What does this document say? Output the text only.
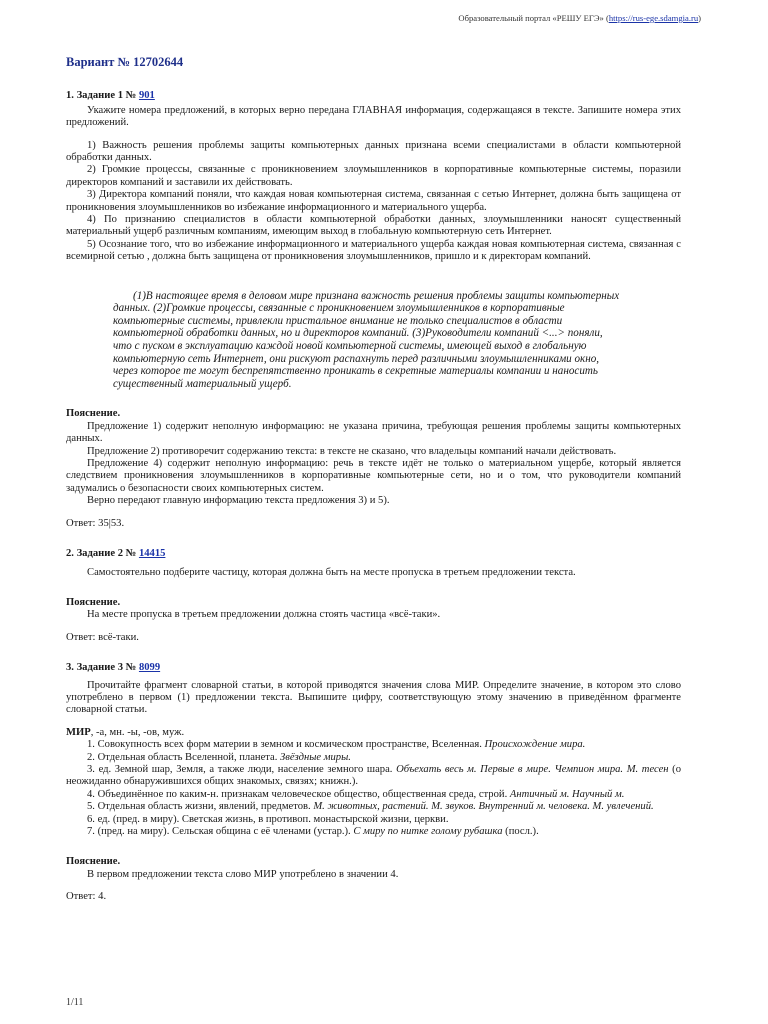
Образовательный портал «РЕШУ ЕГЭ» (https://rus-ege.sdamgia.ru)
Вариант № 12702644
1. Задание 1 № 901

Укажите номера предложений, в которых верно передана ГЛАВНАЯ информация, содержащаяся в тексте. Запишите номера этих предложений.

1) Важность решения проблемы защиты компьютерных данных признана всеми специалистами в области компьютерной обработки данных.

2) Громкие процессы, связанные с проникновением злоумышленников в корпоративные компьютерные системы, поразили директоров компаний и заставили их действовать.

3) Директора компаний поняли, что каждая новая компьютерная система, связанная с сетью Интернет, должна быть защищена от проникновения злоумышленников во избежание информационного и материального ущерба.

4) По признанию специалистов в области компьютерной обработки данных, злоумышленники наносят существенный материальный ущерб различным компаниям, имеющим выход в глобальную компьютерную сеть Интернет.

5) Осознание того, что во избежание информационного и материального ущерба каждая новая компьютерная система, связанная с всемирной сетью , должна быть защищена от проникновения злоумышленников, пришло и к директорам компаний.

(1)В настоящее время в деловом мире признана важность решения проблемы защиты компьютерных данных. (2)Громкие процессы, связанные с проникновением злоумышленников в корпоративные компьютерные системы, привлекли пристальное внимание не только специалистов в области компьютерной обработки данных, но и директоров компаний. (3)Руководители компаний <...> поняли, что с пуском в эксплуатацию каждой новой компьютерной системы, имеющей выход в глобальную компьютерную сеть Интернет, они рискуют распахнуть перед различными злоумышленниками окно, через которое те могут беспрепятственно проникать в секретные материалы компании и наносить существенный материальный ущерб.

Пояснение.

Предложение 1) содержит неполную информацию: не указана причина, требующая решения проблемы защиты компьютерных данных.

Предложение 2) противоречит содержанию текста: в тексте не сказано, что владельцы компаний начали действовать.

Предложение 4) содержит неполную информацию: речь в тексте идёт не только о материальном ущербе, который является следствием проникновения злоумышленников в корпоративные компьютерные сети, но и о том, что руководители компаний задумались о безопасности своих компьютерных систем.

Верно передают главную информацию текста предложения 3) и 5).

Ответ: 35|53.

2. Задание 2 № 14415

Самостоятельно подберите частицу, которая должна быть на месте пропуска в третьем предложении текста.

Пояснение.

На месте пропуска в третьем предложении должна стоять частица «всё-таки».

Ответ: всё-таки.

3. Задание 3 № 8099

Прочитайте фрагмент словарной статьи, в которой приводятся значения слова МИР. Определите значение, в котором это слово употреблено в первом (1) предложении текста. Выпишите цифру, соответствующую этому значению в приведённом фрагменте словарной статьи.

МИР, -а, мн. -ы, -ов, муж.

1. Совокупность всех форм материи в земном и космическом пространстве, Вселенная. Происхождение мира.

2. Отдельная область Вселенной, планета. Звёздные миры.

3. ед. Земной шар, Земля, а также люди, население земного шара. Объехать весь м. Первые в мире. Чемпион мира. М. тесен (о неожиданно обнаружившихся общих знакомых, связях; книжн.).

4. Объединённое по каким-н. признакам человеческое общество, общественная среда, строй. Античный м. Научный м.

5. Отдельная область жизни, явлений, предметов. М. животных, растений. М. звуков. Внутренний м. человека. М. увлечений.

6. ед. (пред. в миру). Светская жизнь, в противоп. монастырской жизни, церкви.

7. (пред. на миру). Сельская община с её членами (устар.). С миру по нитке голому рубашка (посл.).

Пояснение.

В первом предложении текста слово МИР употреблено в значении 4.

Ответ: 4.

1/11
